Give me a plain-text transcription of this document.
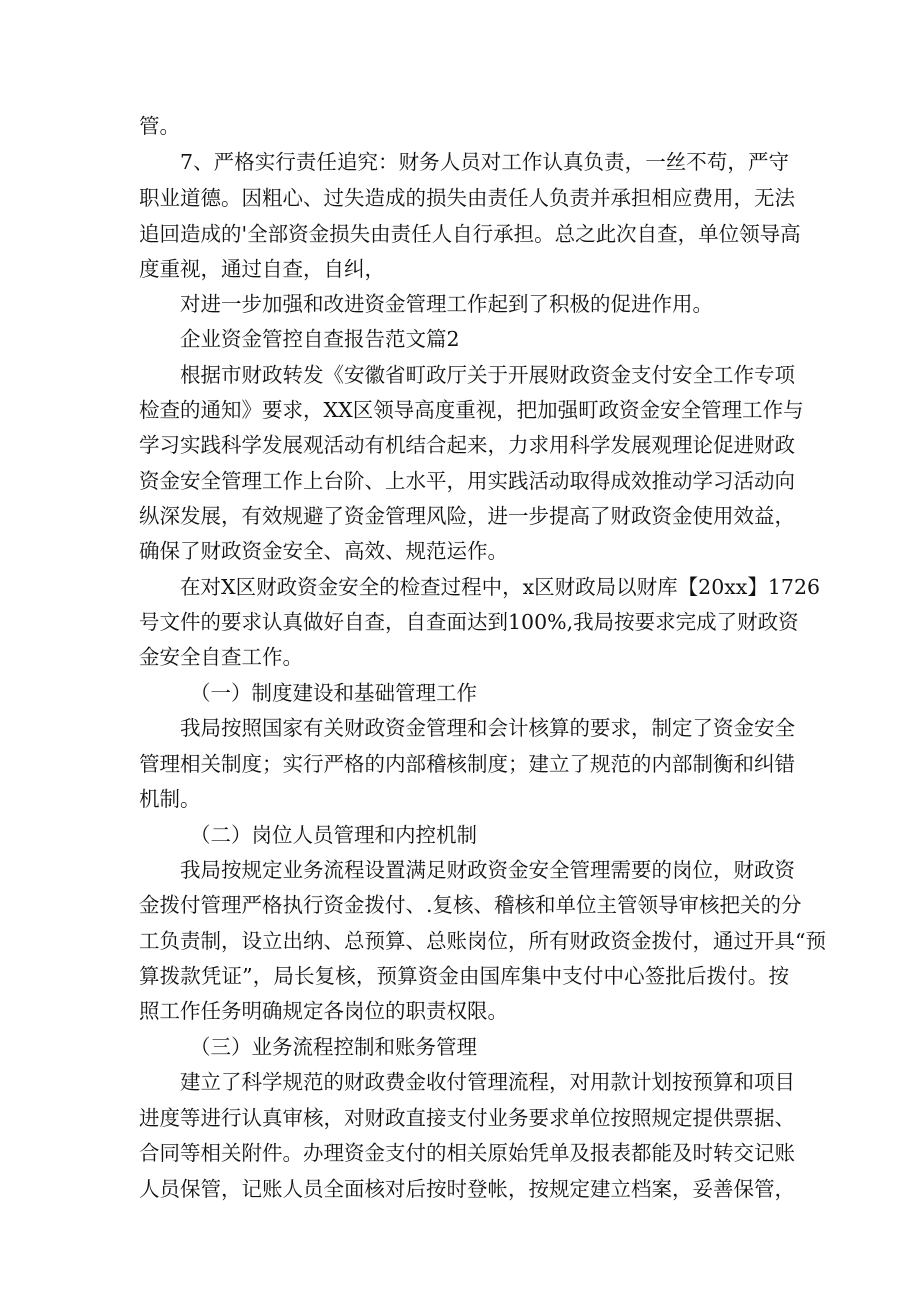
管。
7、严格实行责任追究：财务人员对工作认真负责，一丝不苟，严守
职业道德。因粗心、过失造成的损失由责任人负责并承担相应费用，无法
追回造成的'全部资金损失由责任人自行承担。总之此次自查，单位领导高
度重视，通过自查，自纠，
对进一步加强和改进资金管理工作起到了积极的促进作用。
企业资金管控自查报告范文篇2
根据市财政转发《安徽省町政厅关于开展财政资金支付安全工作专项
检查的通知》要求，XX区领导高度重视，把加强町政资金安全管理工作与
学习实践科学发展观活动有机结合起来，力求用科学发展观理论促进财政
资金安全管理工作上台阶、上水平，用实践活动取得成效推动学习活动向
纵深发展，有效规避了资金管理风险，进一步提高了财政资金使用效益，
确保了财政资金安全、高效、规范运作。
在对X区财政资金安全的检查过程中，x区财政局以财库【20xx】1726
号文件的要求认真做好自查，自查面达到100%,我局按要求完成了财政资
金安全自查工作。
（一）制度建设和基础管理工作
我局按照国家有关财政资金管理和会计核算的要求，制定了资金安全
管理相关制度；实行严格的内部稽核制度；建立了规范的内部制衡和纠错
机制。
（二）岗位人员管理和内控机制
我局按规定业务流程设置满足财政资金安全管理需要的岗位，财政资
金拨付管理严格执行资金拨付、.复核、稽核和单位主管领导审核把关的分
工负责制，设立出纳、总预算、总账岗位，所有财政资金拨付，通过开具“预
算拨款凭证”，局长复核，预算资金由国库集中支付中心签批后拨付。按
照工作任务明确规定各岗位的职责权限。
（三）业务流程控制和账务管理
建立了科学规范的财政费金收付管理流程，对用款计划按预算和项目
进度等进行认真审核，对财政直接支付业务要求单位按照规定提供票据、
合同等相关附件。办理资金支付的相关原始凭单及报表都能及时转交记账
人员保管，记账人员全面核对后按时登帐，按规定建立档案，妥善保管，
